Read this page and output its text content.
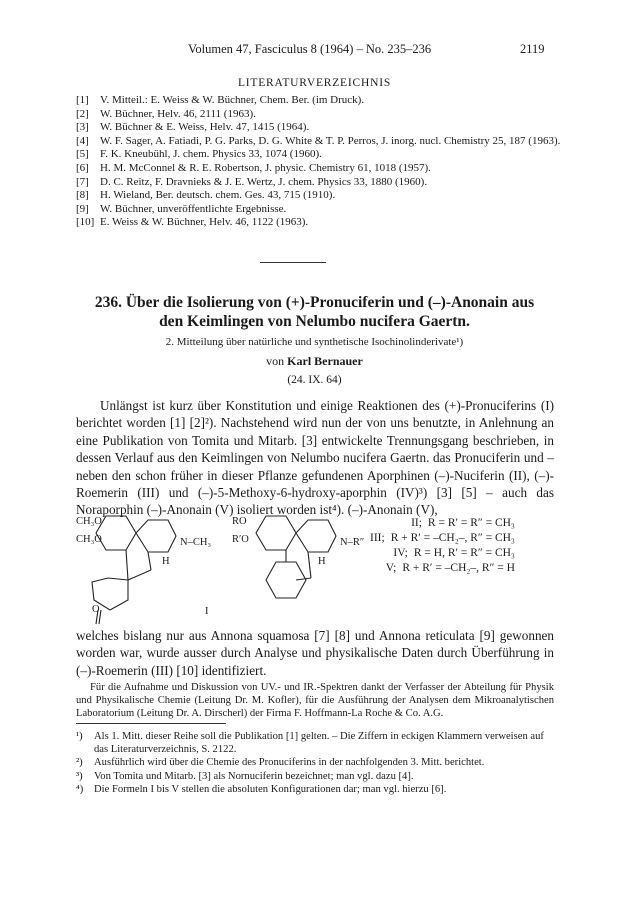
Volumen 47, Fasciculus 8 (1964) – No. 235–236	2119
LITERATURVERZEICHNIS
[1]	V. Mitteil.: E. Weiss & W. Büchner, Chem. Ber. (im Druck).
[2]	W. Büchner, Helv. 46, 2111 (1963).
[3]	W. Büchner & E. Weiss, Helv. 47, 1415 (1964).
[4]	W. F. Sager, A. Fatiadi, P. G. Parks, D. G. White & T. P. Perros, J. inorg. nucl. Chemistry 25, 187 (1963).
[5]	F. K. Kneubühl, J. chem. Physics 33, 1074 (1960).
[6]	H. M. McConnel & R. E. Robertson, J. physic. Chemistry 61, 1018 (1957).
[7]	D. C. Reitz, F. Dravnieks & J. E. Wertz, J. chem. Physics 33, 1880 (1960).
[8]	H. Wieland, Ber. deutsch. chem. Ges. 43, 715 (1910).
[9]	W. Büchner, unveröffentlichte Ergebnisse.
[10] E. Weiss & W. Büchner, Helv. 46, 1122 (1963).
236. Über die Isolierung von (+)-Pronuciferin und (–)-Anonain aus
den Keimlingen von Nelumbo nucifera Gaertn.
2. Mitteilung über natürliche und synthetische Isochinolinderivate¹)
von Karl Bernauer
(24. IX. 64)
Unlängst ist kurz über Konstitution und einige Reaktionen des (+)-Pronuciferins (I) berichtet worden [1] [2]²). Nachstehend wird nun der von uns benutzte, in Anlehnung an eine Publikation von Tomita und Mitarb. [3] entwickelte Trennungsgang beschrieben, in dessen Verlauf aus den Keimlingen von Nelumbo nucifera Gaertn. das Pronuciferin und – neben den schon früher in dieser Pflanze gefundenen Aporphinen (–)-Nuciferin (II), (–)-Roemerin (III) und (–)-5-Methoxy-6-hydroxy-aporphin (IV)³) [3] [5] – auch das Noraporphin (–)-Anonain (V) isoliert worden ist⁴). (–)-Anonain (V),
CH₃O
CH₃O	N–CH₃
H
O	I
RO
R′O	N–R″
H
II; R = R′ = R″ = CH₃
III; R + R′ = –CH₂–, R″ = CH₃
IV; R = H, R′ = R″ = CH₃
V; R + R′ = –CH₂–, R″ = H
welches bislang nur aus Annona squamosa [7] [8] und Annona reticulata [9] gewonnen worden war, wurde ausser durch Analyse und physikalische Daten durch Überführung in (–)-Roemerin (III) [10] identifiziert.
Für die Aufnahme und Diskussion von UV.- und IR.-Spektren dankt der Verfasser der Abteilung für Physik und Physikalische Chemie (Leitung Dr. M. Kofler), für die Ausführung der Analysen dem Mikroanalytischen Laboratorium (Leitung Dr. A. Dirscherl) der Firma F. Hoffmann-La Roche & Co. A.G.
¹)	Als 1. Mitt. dieser Reihe soll die Publikation [1] gelten. – Die Ziffern in eckigen Klammern verweisen auf das Literaturverzeichnis, S. 2122.
²)	Ausführlich wird über die Chemie des Pronuciferins in der nachfolgenden 3. Mitt. berichtet.
³)	Von Tomita und Mitarb. [3] als Nornuciferin bezeichnet; man vgl. dazu [4].
⁴)	Die Formeln I bis V stellen die absoluten Konfigurationen dar; man vgl. hierzu [6].
